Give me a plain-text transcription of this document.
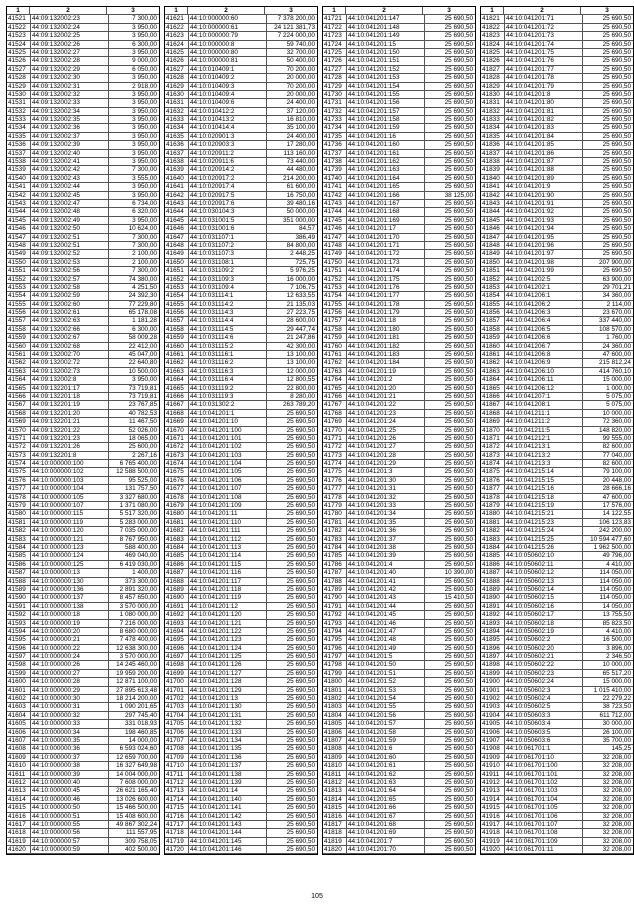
1	2	3
41521 44:09:132002:23	7 300,00
41522 44:09:132002:24	3 950,00
41523 44:09:132002:25	3 950,00
41524 44:09:132002:26	6 300,00
41525 44:09:132002:27	3 950,00
41526 44:09:132002:28	9 000,00
41527 44:09:132002:29	6 050,00
41528 44:09:132002:30	3 950,00
41529 44:09:132002:31	2 918,00
41530 44:09:132002:32	3 950,00
41531 44:09:132002:33	3 950,00
41532 44:09:132002:34	3 950,00
41533 44:09:132002:35	3 950,00
41534 44:09:132002:36	3 950,00
41535 44:09:132002:37	3 950,00
41536 44:09:132002:39	3 950,00
41537 44:09:132002:40	3 950,00
41538 44:09:132002:41	3 950,00
41539 44:09:132002:42	7 300,00
41540 44:09:132002:43	3 555,00
41541 44:09:132002:44	3 950,00
41542 44:09:132002:45	3 950,00
41543 44:09:132002:47	6 734,00
41544 44:09:132002:48	6 320,00
41545 44:09:132002:49	3 950,00
41546 44:09:132002:50	10 624,00
41547 44:09:132002:51	7 300,00
41548 44:09:132002:51	7 300,00
41549 44:09:132002:52	2 100,00
41550 44:09:132002:53	2 100,00
41551 44:09:132002:56	7 300,00
41552 44:09:132002:57	74 380,00
41553 44:09:132002:58	4 251,50
41554 44:09:132002:59	24 392,30
41555 44:09:132002:60	77 229,80
41556 44:09:132002:61	65 178,08
41557 44:09:132002:63	1 181,28
41558 44:09:132002:66	6 300,00
41559 44:09:132002:67	58 009,28
41560 44:09:132002:68	22 412,00
41561 44:09:132002:70	45 047,00
41562 44:09:132002:72	22 640,80
41563 44:09:132002:73	10 500,00
41564 44:09:132002:8	3 950,00
41565 44:09:132201:17	73 719,81
41566 44:09:132201:18	73 719,81
41567 44:09:132201:19	23 767,85
41568 44:09:132201:20	40 782,53
41569 44:09:132201:21	11 467,50
41570 44:09:132201:22	52 026,00
41571 44:09:132201:23	18 065,00
41572 44:09:132201:26	25 600,00
41573 44:09:132201:8	2 267,16
41574 44:10:000000:100	6 765 400,00
41575 44:10:000000:102	12 588 500,00
41576 44:10:000000:103	95 525,00
41577 44:10:000000:104	131 757,50
41578 44:10:000000:105	3 327 680,00
41579 44:10:000000:107	1 371 080,00
41580 44:10:000000:115	5 517 320,00
41581 44:10:000000:119	5 283 000,00
41582 44:10:000000:120	7 035 000,00
41583 44:10:000000:121	8 767 950,00
41584 44:10:000000:123	588 400,00
41585 44:10:000000:124	469 040,00
41586 44:10:000000:125	6 419 030,00
41587 44:10:000000:13	1 400,00
41588 44:10:000000:130	373 300,00
41589 44:10:000000:136	2 891 320,00
41590 44:10:000000:137	8 457 650,00
41591 44:10:000000:138	3 570 000,00
41592 44:10:000000:18	1 080 000,00
41593 44:10:000000:19	7 216 000,00
41594 44:10:000000:20	8 680 000,00
41595 44:10:000000:21	7 478 400,00
41596 44:10:000000:22	12 638 300,00
41597 44:10:000000:24	3 570 000,00
41598 44:10:000000:26	14 245 460,00
41599 44:10:000000:27	19 959 200,00
41600 44:10:000000:28	12 871 100,00
41601 44:10:000000:29	27 895 613,48
41602 44:10:000000:30	18 214 200,00
41603 44:10:000000:31	1 090 201,65
41604 44:10:000000:32	297 745,40
41605 44:10:000000:33	331 018,93
41606 44:10:000000:34	198 460,85
41607 44:10:000000:35	14 000,00
41608 44:10:000000:36	6 593 024,60
41609 44:10:000000:37	12 659 700,00
41610 44:10:000000:38	16 327 649,98
41611	44:10:000000:39	14 004 000,00
41612 44:10:000000:40	7 608 000,00
41613 44:10:000000:45	26 621 165,40
41614 44:10:000000:46	13 026 600,00
41615 44:10:000000:50	15 466 500,00
41616 44:10:000000:51	15 408 600,00
41617 44:10:000000:55	49 867 302,24
41618 44:10:000000:56	111 557,95
41619 44:10:000000:57	309 758,05
41620 44:10:000000:59	402 500,00
1	2	3
41621 44:10:000000:60	7 378 200,00
41622 44:10:000000:61	24 121 381,73
41623 44:10:000000:79	7 224 000,00
41624 44:10:000000:8	59 740,00
41625 44:10:000000:80	32 700,00
41626 44:10:000000:81	50 400,00
41627 44:10:010409:1	70 200,00
41628 44:10:010409:2	20 000,00
41629 44:10:010409:3	70 200,00
41630 44:10:010409:4	20 000,00
41631 44:10:010409:6	24 400,00
41632 44:10:010412:2	37 120,00
41633 44:10:010413:2	16 810,00
41634 44:10:010414:4	35 100,00
41635 44:10:020901:3	24 400,00
41636 44:10:020903:3	17 280,00
41637 44:10:020911:2	113 160,00
41638 44:10:020911:6	73 440,00
41639 44:10:020914:2	44 480,00
41640 44:10:020917:2	214 200,00
41641 44:10:020917:4	61 600,00
41642 44:10:020917:5	16 750,00
41643 44:10:020917:6	39 480,16
41644 44:10:030104:3	50 000,00
41645 44:10:031001:5	351 000,00
41646 44:10:031001:6	84,57
41647 44:10:031107:1	386,49
41648 44:10:031107:2	84 800,00
41649 44:10:031107:3	2 448,25
41650 44:10:031108:1	725,75
41651 44:10:031109:2	5 976,25
41652 44:10:031109:3	16 000,00
41653 44:10:031109:4	7 106,75
41654 44:10:031114:1	12 633,55
41655 44:10:031114:2	21 135,03
41656 44:10:031114:3	27 223,75
41657 44:10:031114:4	28 600,00
41658 44:10:031114:5	29 447,74
41659 44:10:031114:6	21 247,86
41660 44:10:031115:2	42 300,00
41661 44:10:031116:1	13 100,00
41662 44:10:031116:2	13 100,00
41663 44:10:031116:3	12 000,00
41664 44:10:031116:4	12 800,55
41665 44:10:031119:2	22 800,00
41666 44:10:031119:3	8 280,00
41667 44:10:031302:2	263 789,20
41668 44:10:041201:1	25 690,50
41669 44:10:041201:10	25 690,50
41670 44:10:041201:100	25 690,50
41671 44:10:041201:101	25 690,50
41672 44:10:041201:102	25 690,50
41673 44:10:041201:103	25 690,50
41674 44:10:041201:104	25 690,50
41675 44:10:041201:105	25 690,50
41676 44:10:041201:106	25 690,50
41677 44:10:041201:107	25 690,50
41678 44:10:041201:108	25 690,50
41679 44:10:041201:109	25 690,50
41680 44:10:041201:11	25 690,50
41681 44:10:041201:110	25 690,50
41682 44:10:041201:111	25 690,50
41683 44:10:041201:112	25 690,50
41684 44:10:041201:113	25 690,50
41685 44:10:041201:114	25 690,50
41686 44:10:041201:115	25 690,50
41687 44:10:041201:116	25 690,50
41688 44:10:041201:117	25 690,50
41689 44:10:041201:118	25 690,50
41690 44:10:041201:119	25 690,50
41691 44:10:041201:12	25 690,50
41692 44:10:041201:120	25 690,50
41693 44:10:041201:121	25 690,50
41694 44:10:041201:122	25 690,50
41695 44:10:041201:123	25 690,50
41696 44:10:041201:124	25 690,50
41697 44:10:041201:125	25 690,50
41698 44:10:041201:126	25 690,50
41699 44:10:041201:127	25 690,50
41700 44:10:041201:128	25 690,50
41701 44:10:041201:129	25 690,50
41702 44:10:041201:13	25 690,50
41703 44:10:041201:130	25 690,50
41704 44:10:041201:131	25 690,50
41705 44:10:041201:132	25 690,50
41706 44:10:041201:133	25 690,50
41707 44:10:041201:134	25 690,50
41708 44:10:041201:135	25 690,50
41709 44:10:041201:136	25 690,50
41710 44:10:041201:137	25 690,50
41711	44:10:041201:138	25 690,50
41712 44:10:041201:139	25 690,50
41713 44:10:041201:14	25 690,50
41714 44:10:041201:140	25 690,50
41715 44:10:041201:141	25 690,50
41716 44:10:041201:142	25 690,50
41717 44:10:041201:143	25 690,50
41718 44:10:041201:144	25 690,50
41719 44:10:041201:145	25 690,50
41720 44:10:041201:146	25 690,50
1	2	3
41721 44:10:041201:147	25 690,50
41722 44:10:041201:148	25 690,50
41723 44:10:041201:149	25 690,50
41724 44:10:041201:15	25 690,50
41725 44:10:041201:150	25 690,50
41726 44:10:041201:151	25 690,50
41727 44:10:041201:152	25 690,50
41728 44:10:041201:153	25 690,50
41729 44:10:041201:154	25 690,50
41730 44:10:041201:155	25 690,50
41731 44:10:041201:156	25 690,50
41732 44:10:041201:157	25 690,50
41733 44:10:041201:158	25 690,50
41734 44:10:041201:159	25 690,50
41735 44:10:041201:16	25 690,50
41736 44:10:041201:160	25 690,50
41737 44:10:041201:161	25 690,50
41738 44:10:041201:162	25 690,50
41739 44:10:041201:163	25 690,50
41740 44:10:041201:164	25 690,50
41741 44:10:041201:165	25 690,50
41742 44:10:041201:166	38 125,00
41743 44:10:041201:167	25 690,50
41744 44:10:041201:168	25 690,50
41745 44:10:041201:169	25 690,50
41746 44:10:041201:17	25 690,50
41747 44:10:041201:170	25 690,50
41748 44:10:041201:171	25 690,50
41749 44:10:041201:172	25 690,50
41750 44:10:041201:173	25 690,50
41751 44:10:041201:174	25 690,50
41752 44:10:041201:175	25 690,50
41753 44:10:041201:176	25 690,50
41754 44:10:041201:177	25 690,50
41755 44:10:041201:178	25 690,50
41756 44:10:041201:179	25 690,50
41757 44:10:041201:18	25 690,50
41758 44:10:041201:180	25 690,50
41759 44:10:041201:181	25 690,50
41760 44:10:041201:182	25 690,50
41761 44:10:041201:183	25 690,50
41762 44:10:041201:184	25 690,50
41763 44:10:041201:19	25 690,50
41764 44:10:041201:2	25 690,50
41765 44:10:041201:20	25 690,50
41766 44:10:041201:21	25 690,50
41767 44:10:041201:22	25 690,50
41768 44:10:041201:23	25 690,50
41769 44:10:041201:24	25 690,50
41770 44:10:041201:25	25 690,50
41771 44:10:041201:26	25 690,50
41772 44:10:041201:27	25 690,50
41773 44:10:041201:28	25 690,50
41774 44:10:041201:29	25 690,50
41775 44:10:041201:3	25 690,50
41776 44:10:041201:30	25 690,50
41777 44:10:041201:31	25 690,50
41778 44:10:041201:32	25 690,50
41779 44:10:041201:33	25 690,50
41780 44:10:041201:34	25 690,50
41781 44:10:041201:35	25 690,50
41782 44:10:041201:36	25 690,50
41783 44:10:041201:37	25 690,50
41784 44:10:041201:38	25 690,50
41785 44:10:041201:39	25 690,50
41786 44:10:041201:4	25 690,50
41787 44:10:041201:40	10 390,00
41788 44:10:041201:41	25 690,50
41789 44:10:041201:42	25 690,50
41790 44:10:041201:43	15 410,50
41791 44:10:041201:44	25 690,50
41792 44:10:041201:45	25 690,50
41793 44:10:041201:46	25 690,50
41794 44:10:041201:47	25 690,50
41795 44:10:041201:48	25 690,50
41796 44:10:041201:49	25 690,50
41797 44:10:041201:5	25 690,50
41798 44:10:041201:50	25 690,50
41799 44:10:041201:51	25 690,50
41800 44:10:041201:52	25 690,50
41801 44:10:041201:53	25 690,50
41802 44:10:041201:54	25 690,50
41803 44:10:041201:55	25 690,50
41804 44:10:041201:56	25 690,50
41805 44:10:041201:57	25 690,50
41806 44:10:041201:58	25 690,50
41807 44:10:041201:59	25 690,50
41808 44:10:041201:6	25 690,50
41809 44:10:041201:60	25 690,50
41810 44:10:041201:61	25 690,50
41811	44:10:041201:62	25 690,50
41812 44:10:041201:63	25 690,50
41813 44:10:041201:64	25 690,50
41814 44:10:041201:65	25 690,50
41815 44:10:041201:66	25 690,50
41816 44:10:041201:67	25 690,50
41817 44:10:041201:68	25 690,50
41818 44:10:041201:69	25 690,50
41819 44:10:041201:7	25 690,50
41820 44:10:041201:70	25 690,50
1	2	3
41821 44:10:041201:71	25 690,50
41822 44:10:041201:72	25 690,50
41823 44:10:041201:73	25 690,50
41824 44:10:041201:74	25 690,50
41825 44:10:041201:75	25 690,50
41826 44:10:041201:76	25 690,50
41827 44:10:041201:77	25 690,50
41828 44:10:041201:78	25 690,50
41829 44:10:041201:79	25 690,50
41830 44:10:041201:8	25 690,50
41831 44:10:041201:80	25 690,50
41832 44:10:041201:81	25 690,50
41833 44:10:041201:82	25 690,50
41834 44:10:041201:83	25 690,50
41835 44:10:041201:84	25 690,50
41836 44:10:041201:85	25 690,50
41837 44:10:041201:86	25 690,50
41838 44:10:041201:87	25 690,50
41839 44:10:041201:88	25 690,50
41840 44:10:041201:89	25 690,50
41841 44:10:041201:9	25 690,50
41842 44:10:041201:90	25 690,50
41843 44:10:041201:91	25 690,50
41844 44:10:041201:92	25 690,50
41845 44:10:041201:93	25 690,50
41846 44:10:041201:94	25 690,50
41847 44:10:041201:95	25 690,50
41848 44:10:041201:96	25 690,50
41849 44:10:041201:97	25 690,50
41850 44:10:041201:98	207 900,00
41851 44:10:041201:99	25 690,50
41852 44:10:041202:5	63 900,00
41853 44:10:041202:1	29 701,21
41854 44:10:041206:1	34 360,00
41855 44:10:041206:2	2 114,00
41856 44:10:041206:3	23 670,00
41857 44:10:041206:4	337 440,00
41858 44:10:041206:5	108 570,00
41859 44:10:041206:6	1 760,00
41860 44:10:041206:7	24 360,00
41861 44:10:041206:8	47 600,00
41862 44:10:041206:9	215 812,24
41863 44:10:041206:10	414 760,10
41864 44:10:041206:11	15 000,00
41865 44:10:041206:12	1 000,00
41866 44:10:041207:1	5 075,00
41867 44:10:041208:1	5 075,00
41868 44:10:041211:1	10 000,00
41869 44:10:041211:2	72 360,00
41870 44:10:041211:5	148 820,00
41871 44:10:041212:1	99 555,00
41872 44:10:041213:1	82 600,00
41873 44:10:041213:2	77 040,00
41874 44:10:041213:3	82 600,00
41875 44:10:041215:14	79 100,00
41876 44:10:041215:15	20 448,00
41877 44:10:041215:16	28 666,16
41878 44:10:041215:18	47 600,00
41879 44:10:041215:19	17 576,00
41880 44:10:041215:21	14 122,55
41881 44:10:041215:23	106 123,83
41882 44:10:041215:24	242 200,00
41883 44:10:041215:25	10 594 477,60
41884 44:10:041215:26	1 962 500,00
41885 44:10:050602:10	49 796,00
41886 44:10:050602:11	4 410,00
41887 44:10:050602:12	114 050,00
41888 44:10:050602:13	114 050,00
41889 44:10:050602:14	114 050,00
41890 44:10:050602:15	114 050,00
41891 44:10:050602:16	14 050,00
41892 44:10:050602:17	13 755,50
41893 44:10:050602:18	85 823,50
41894 44:10:050602:19	4 410,00
41895 44:10:050602:2	16 500,00
41896 44:10:050602:20	3 896,00
41897 44:10:050602:21	2 346,50
41898 44:10:050602:22	10 000,00
41899 44:10:050602:23	65 517,20
41900 44:10:050602:24	15 000,00
41901 44:10:050602:3	1 015 410,00
41902 44:10:050602:4	22 279,22
41903 44:10:050602:5	38 723,50
41904 44:10:050603:3	611 712,00
41905 44:10:050603:4	30 000,00
41906 44:10:050603:5	26 100,00
41907 44:10:050603:6	35 700,00
41908 44:10:061701:1	145,25
41909 44:10:061701:10	32 208,00
41910 44:10:061701:100	32 208,00
41911	44:10:061701:101	32 208,00
41912 44:10:061701:102	32 208,00
41913 44:10:061701:103	32 208,00
41914 44:10:061701:104	32 208,00
41915 44:10:061701:105	32 208,00
41916 44:10:061701:106	32 208,00
41917 44:10:061701:107	32 208,00
41918 44:10:061701:108	32 208,00
41919 44:10:061701:109	32 208,00
41920 44:10:061701:11	32 208,00
105
